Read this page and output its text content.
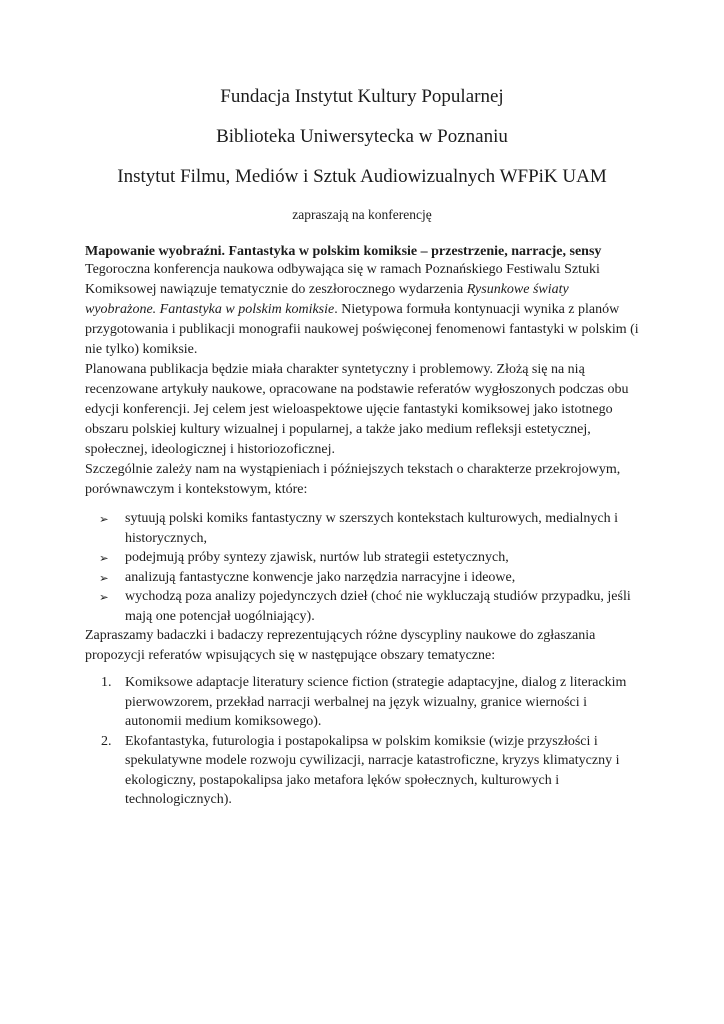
Fundacja Instytut Kultury Popularnej
Biblioteka Uniwersytecka w Poznaniu
Instytut Filmu, Mediów i Sztuk Audiowizualnych WFPiK UAM
zapraszają na konferencję
Mapowanie wyobraźni. Fantastyka w polskim komiksie – przestrzenie, narracje, sensy

Tegoroczna konferencja naukowa odbywająca się w ramach Poznańskiego Festiwalu Sztuki Komiksowej nawiązuje tematycznie do zeszłorocznego wydarzenia Rysunkowe światy wyobrażone. Fantastyka w polskim komiksie. Nietypowa formuła kontynuacji wynika z planów przygotowania i publikacji monografii naukowej poświęconej fenomenowi fantastyki w polskim (i nie tylko) komiksie.

Planowana publikacja będzie miała charakter syntetyczny i problemowy. Złożą się na nią recenzowane artykuły naukowe, opracowane na podstawie referatów wygłoszonych podczas obu edycji konferencji. Jej celem jest wieloaspektowe ujęcie fantastyki komiksowej jako istotnego obszaru polskiej kultury wizualnej i popularnej, a także jako medium refleksji estetycznej, społecznej, ideologicznej i historiozoficznej.

Szczególnie zależy nam na wystąpieniach i późniejszych tekstach o charakterze przekrojowym, porównawczym i kontekstowym, które:

➢ sytuują polski komiks fantastyczny w szerszych kontekstach kulturowych, medialnych i historycznych,
➢ podejmują próby syntezy zjawisk, nurtów lub strategii estetycznych,
➢ analizują fantastyczne konwencje jako narzędzia narracyjne i ideowe,
➢ wychodzą poza analizy pojedynczych dzieł (choć nie wykluczają studiów przypadku, jeśli mają one potencjał uogólniający).

Zapraszamy badaczki i badaczy reprezentujących różne dyscypliny naukowe do zgłaszania propozycji referatów wpisujących się w następujące obszary tematyczne:

1. Komiksowe adaptacje literatury science fiction (strategie adaptacyjne, dialog z literackim pierwowzorem, przekład narracji werbalnej na język wizualny, granice wierności i autonomii medium komiksowego).
2. Ekofantastyka, futurologia i postapokalipsa w polskim komiksie (wizje przyszłości i spekulatywne modele rozwoju cywilizacji, narracje katastroficzne, kryzys klimatyczny i ekologiczny, postapokalipsa jako metafora lęków społecznych, kulturowych i technologicznych).
